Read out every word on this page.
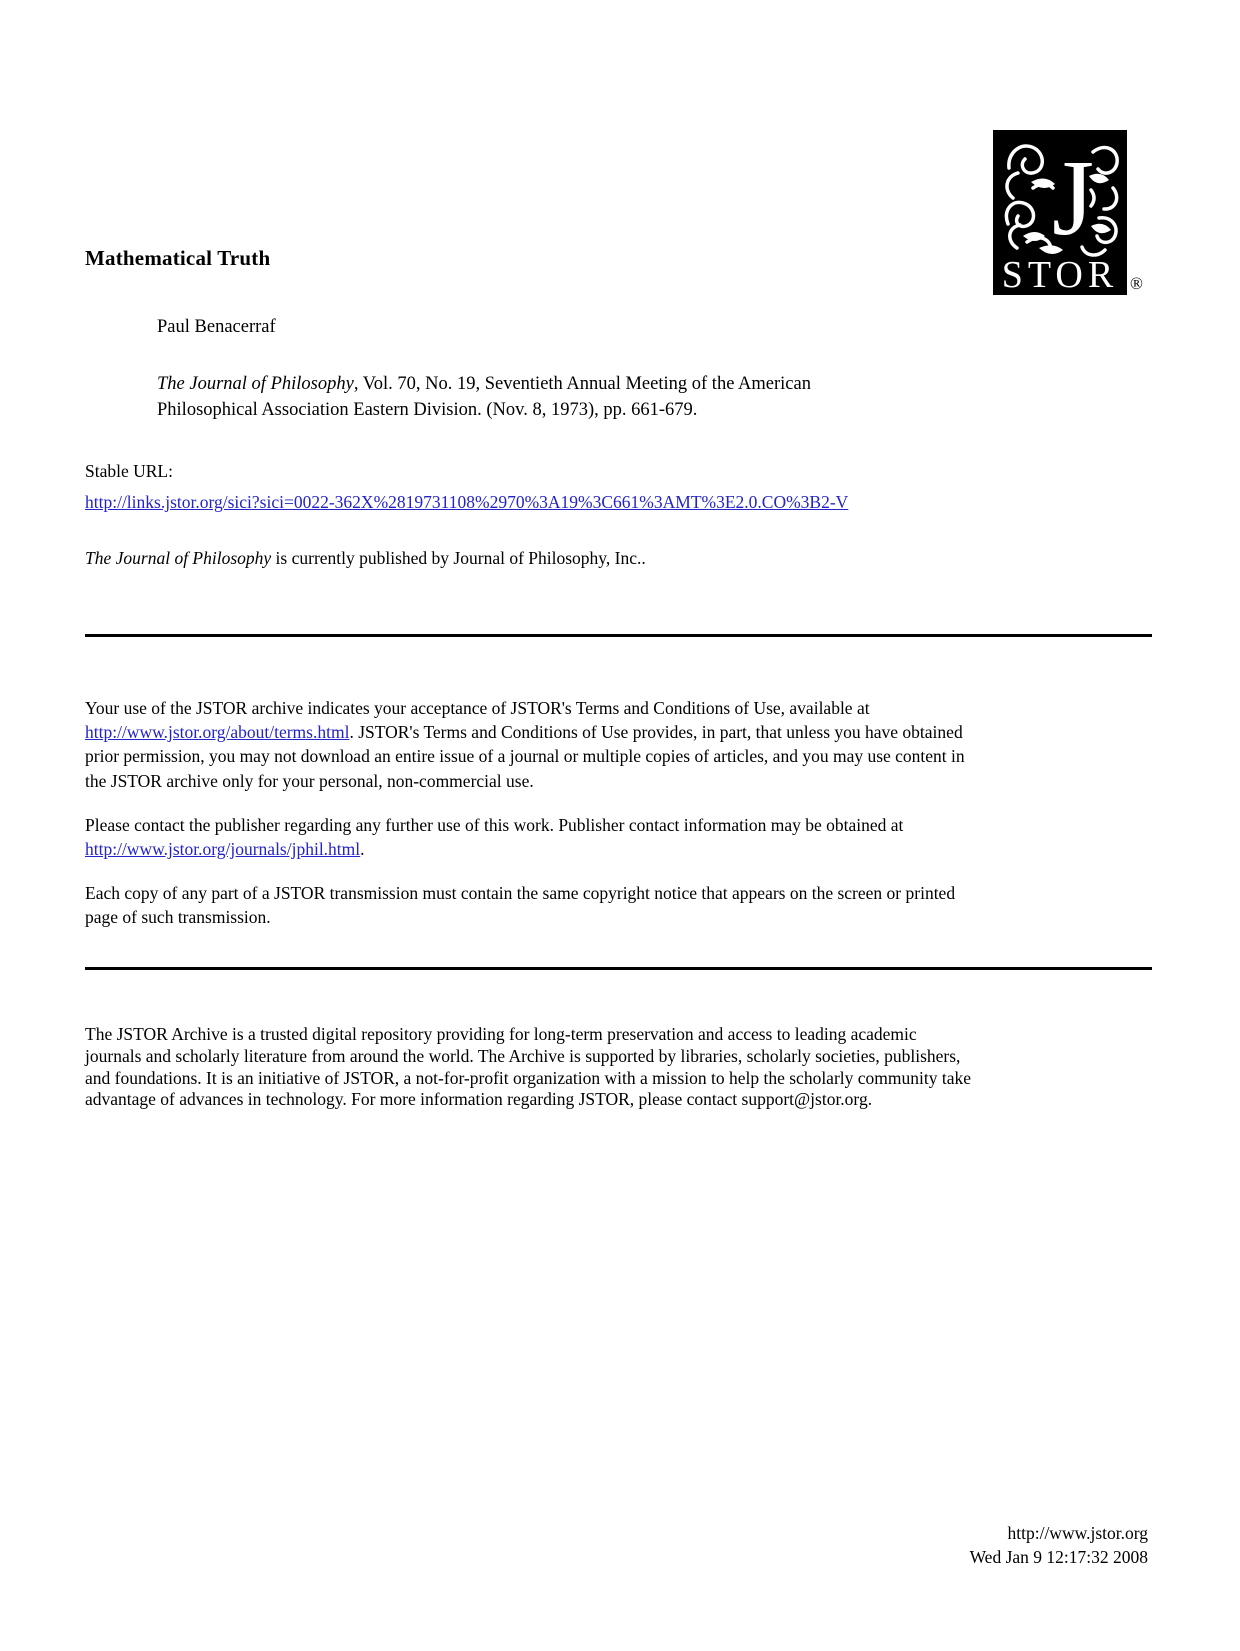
J
STOR ®
Mathematical Truth
Paul Benacerraf
The Journal of Philosophy, Vol. 70, No. 19, Seventieth Annual Meeting of the American
Philosophical Association Eastern Division. (Nov. 8, 1973), pp. 661-679.
Stable URL:
http://links.jstor.org/sici?sici=0022-362X%2819731108%2970%3A19%3C661%3AMT%3E2.0.CO%3B2-V
The Journal of Philosophy is currently published by Journal of Philosophy, Inc..
Your use of the JSTOR archive indicates your acceptance of JSTOR's Terms and Conditions of Use, available at
http://www.jstor.org/about/terms.html. JSTOR's Terms and Conditions of Use provides, in part, that unless you have obtained
prior permission, you may not download an entire issue of a journal or multiple copies of articles, and you may use content in
the JSTOR archive only for your personal, non-commercial use.
Please contact the publisher regarding any further use of this work. Publisher contact information may be obtained at
http://www.jstor.org/journals/jphil.html.
Each copy of any part of a JSTOR transmission must contain the same copyright notice that appears on the screen or printed
page of such transmission.
The JSTOR Archive is a trusted digital repository providing for long-term preservation and access to leading academic
journals and scholarly literature from around the world. The Archive is supported by libraries, scholarly societies, publishers,
and foundations. It is an initiative of JSTOR, a not-for-profit organization with a mission to help the scholarly community take
advantage of advances in technology. For more information regarding JSTOR, please contact support@jstor.org.
http://www.jstor.org
Wed Jan 9 12:17:32 2008
